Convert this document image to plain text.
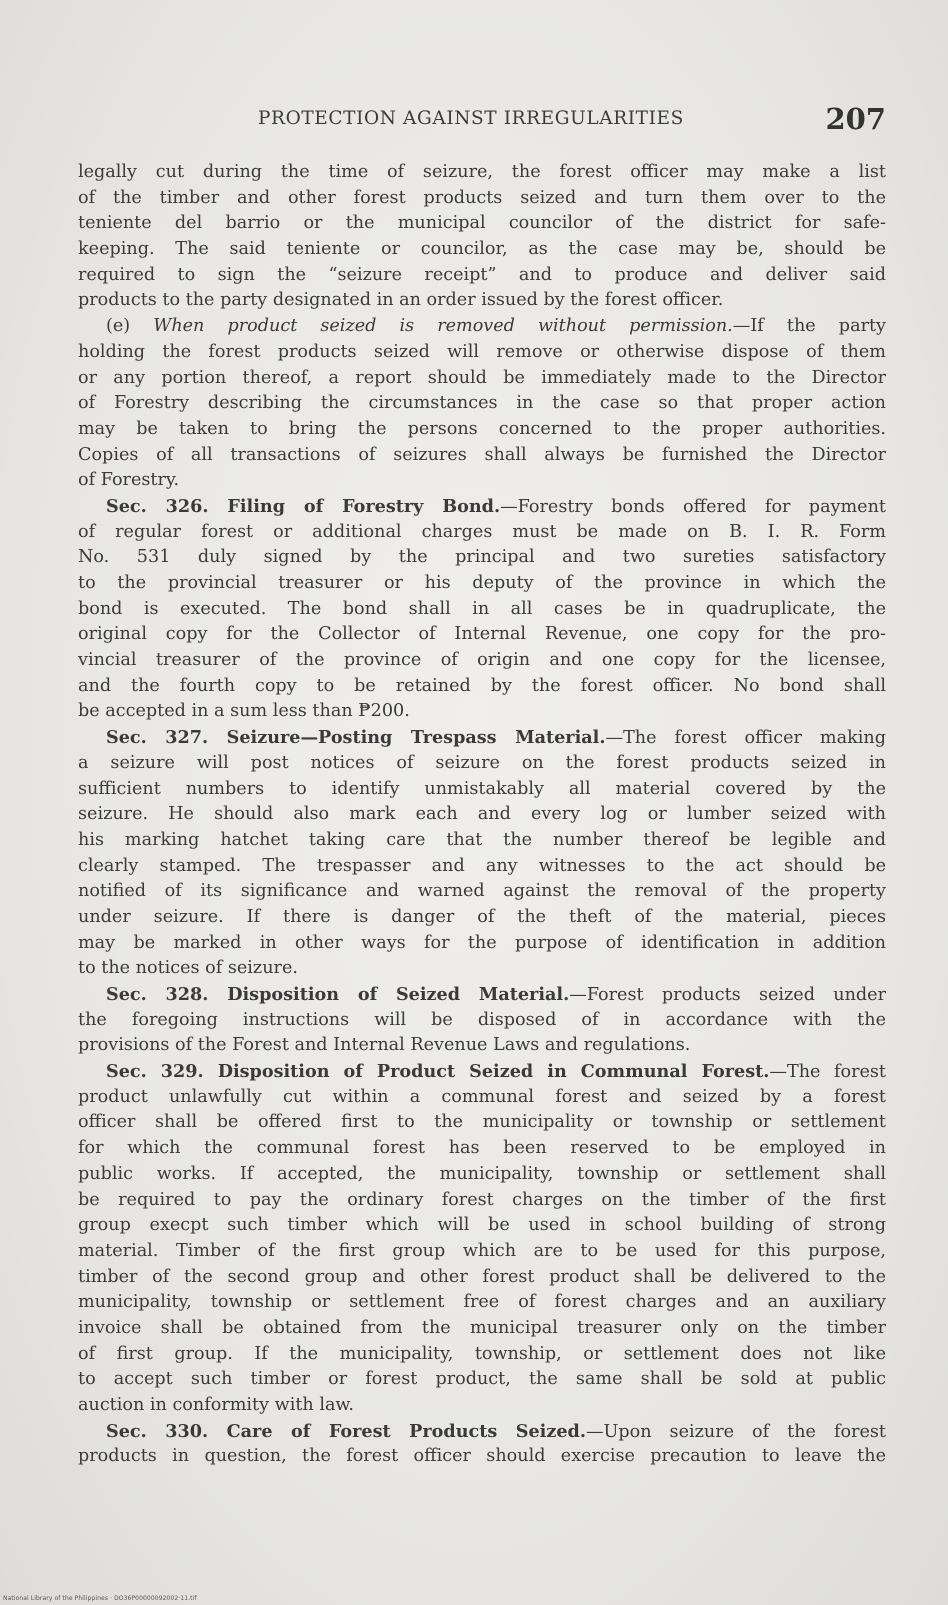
PROTECTION AGAINST IRREGULARITIES	207
legally cut during the time of seizure, the forest officer may make a list
of the timber and other forest products seized and turn them over to the
teniente del barrio or the municipal councilor of the district for safe-
keeping. The said teniente or councilor, as the case may be, should be
required to sign the “seizure receipt” and to produce and deliver said
products to the party designated in an order issued by the forest officer.
(e) When product seized is removed without permission.—If the party
holding the forest products seized will remove or otherwise dispose of them
or any portion thereof, a report should be immediately made to the Director
of Forestry describing the circumstances in the case so that proper action
may be taken to bring the persons concerned to the proper authorities.
Copies of all transactions of seizures shall always be furnished the Director
of Forestry.
Sec. 326. Filing of Forestry Bond.—Forestry bonds offered for payment
of regular forest or additional charges must be made on B. I. R. Form
No. 531 duly signed by the principal and two sureties satisfactory
to the provincial treasurer or his deputy of the province in which the
bond is executed. The bond shall in all cases be in quadruplicate, the
original copy for the Collector of Internal Revenue, one copy for the pro-
vincial treasurer of the province of origin and one copy for the licensee,
and the fourth copy to be retained by the forest officer. No bond shall
be accepted in a sum less than ₱200.
Sec. 327. Seizure—Posting Trespass Material.—The forest officer making
a seizure will post notices of seizure on the forest products seized in
sufficient numbers to identify unmistakably all material covered by the
seizure. He should also mark each and every log or lumber seized with
his marking hatchet taking care that the number thereof be legible and
clearly stamped. The trespasser and any witnesses to the act should be
notified of its significance and warned against the removal of the property
under seizure. If there is danger of the theft of the material, pieces
may be marked in other ways for the purpose of identification in addition
to the notices of seizure.
Sec. 328. Disposition of Seized Material.—Forest products seized under
the foregoing instructions will be disposed of in accordance with the
provisions of the Forest and Internal Revenue Laws and regulations.
Sec. 329. Disposition of Product Seized in Communal Forest.—The forest
product unlawfully cut within a communal forest and seized by a forest
officer shall be offered first to the municipality or township or settlement
for which the communal forest has been reserved to be employed in
public works. If accepted, the municipality, township or settlement shall
be required to pay the ordinary forest charges on the timber of the first
group execpt such timber which will be used in school building of strong
material. Timber of the first group which are to be used for this purpose,
timber of the second group and other forest product shall be delivered to the
municipality, township or settlement free of forest charges and an auxiliary
invoice shall be obtained from the municipal treasurer only on the timber
of first group. If the municipality, township, or settlement does not like
to accept such timber or forest product, the same shall be sold at public
auction in conformity with law.
Sec. 330. Care of Forest Products Seized.—Upon seizure of the forest
products in question, the forest officer should exercise precaution to leave the
National Library of the Philippines · DO36P00000092002·11.tif
